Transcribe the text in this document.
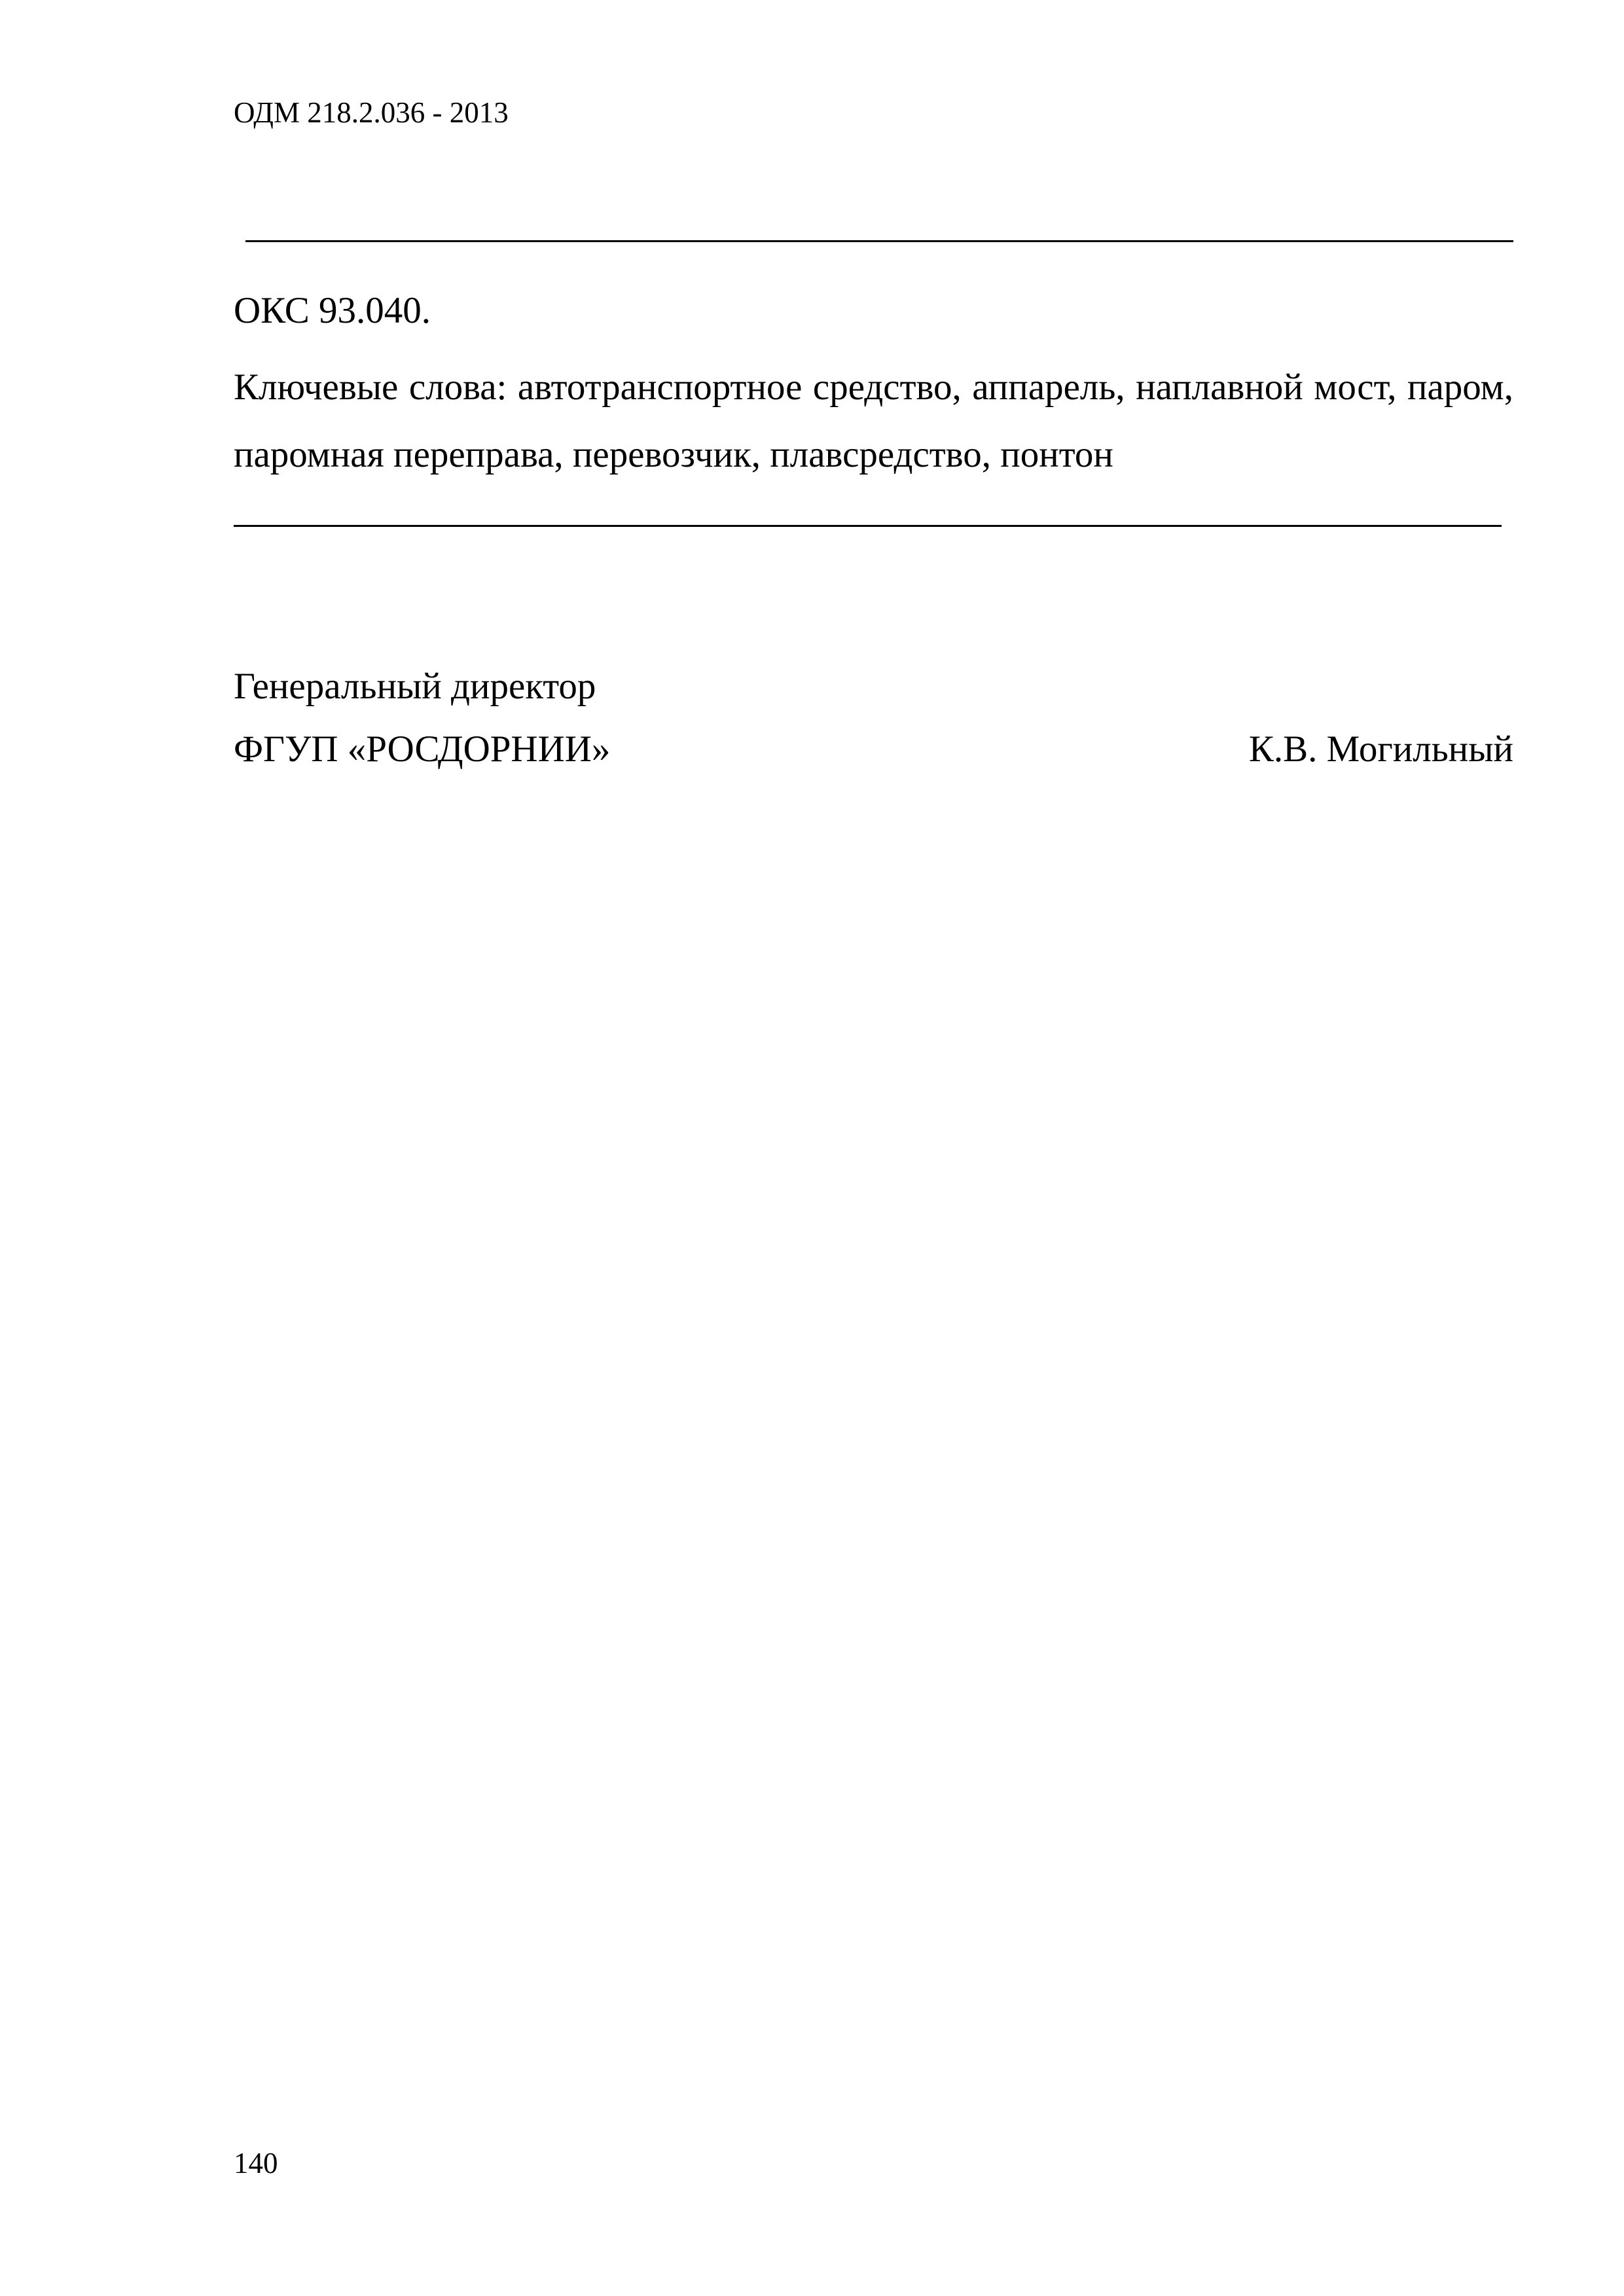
ОДМ 218.2.036 - 2013
ОКС 93.040.

Ключевые слова: автотранспортное средство, аппарель, наплавной мост, паром, паромная переправа, перевозчик, плавсредство, понтон

Генеральный директор
ФГУП «РОСДОРНИИ»	К.В. Могильный
140
